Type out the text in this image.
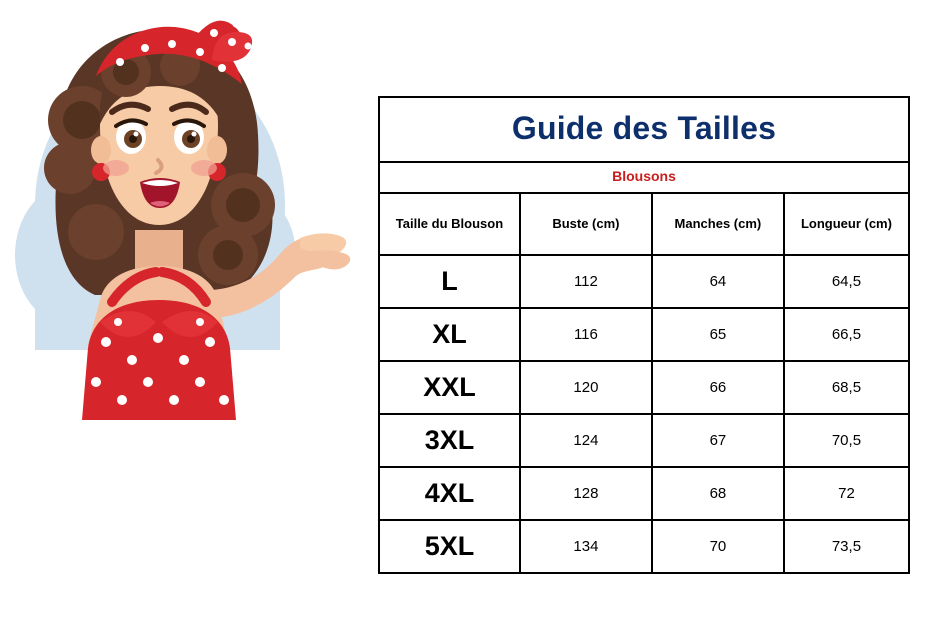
Guide des Tailles
Blousons
Taille du Blouson	Buste (cm)	Manches (cm)	Longueur (cm)
L	112	64	64,5
XL	116	65	66,5
XXL	120	66	68,5
3XL	124	67	70,5
4XL	128	68	72
5XL	134	70	73,5
